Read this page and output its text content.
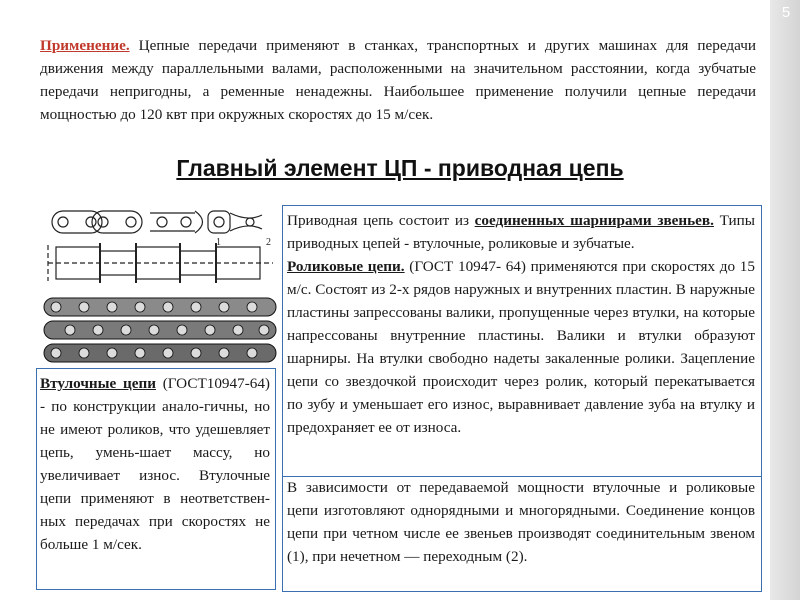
5
Применение. Цепные передачи применяют в станках, транспортных и других машинах для передачи движения между параллельными валами, расположенными на значительном расстоянии, когда зубчатые передачи непригодны, а ременные ненадежны. Наибольшее применение получили цепные передачи мощностью до 120 квт при окружных скоростях до 15 м/сек.
Главный элемент ЦП - приводная цепь
1	2
Втулочные цепи (ГОСТ10947-64) - по конструкции анало-гичны, но не имеют роликов, что удешевляет цепь, умень-шает массу, но увеличивает износ. Втулочные цепи применяют в неответствен-ных передачах при скоростях не больше 1 м/сек.
Приводная цепь состоит из соединенных шарнирами звеньев. Типы приводных цепей - втулочные, роликовые и зубчатые.
Роликовые цепи. (ГОСТ 10947- 64) применяются при скоростях до 15 м/с. Состоят из 2-х рядов наружных и внутренних пластин. В наружные пластины запрессованы валики, пропущенные через втулки, на которые напрессованы внутренние пластины. Валики и втулки образуют шарниры. На втулки свободно надеты закаленные ролики. Зацепление цепи со звездочкой происходит через ролик, который перекатывается по зубу и уменьшает его износ, выравнивает давление зуба на втулку и предохраняет ее от износа.
В зависимости от передаваемой мощности втулочные и роликовые цепи изготовляют однорядными и многорядными. Соединение концов цепи при четном числе ее звеньев производят соединительным звеном (1), при нечетном — переходным (2).
